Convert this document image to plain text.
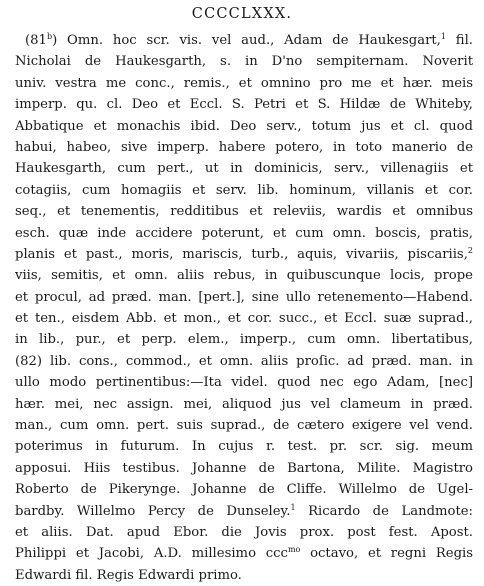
CCCCLXXX.
(81$^b$) Omn. hoc scr. vis. vel aud., Adam de Haukesgart,$^1$ fil.
Nicholai de Haukesgarth, s. in D'no sempiternam. Noverit
univ. vestra me conc., remis., et omnino pro me et hær. meis
imperp. qu. cl. Deo et Eccl. S. Petri et S. Hildæ de Whiteby,
Abbatique et monachis ibid. Deo serv., totum jus et cl. quod
habui, habeo, sive imperp. habere potero, in toto manerio de
Haukesgarth, cum pert., ut in dominicis, serv., villenagiis et
cotagiis, cum homagiis et serv. lib. hominum, villanis et cor.
seq., et tenementis, redditibus et releviis, wardis et omnibus
esch. quæ inde accidere poterunt, et cum omn. boscis, pratis,
planis et past., moris, mariscis, turb., aquis, vivariis, piscariis,$^2$
viis, semitis, et omn. aliis rebus, in quibuscunque locis, prope
et procul, ad præd. man. [pert.], sine ullo retenemento—Habend.
et ten., eisdem Abb. et mon., et cor. succ., et Eccl. suæ suprad.,
in lib., pur., et perp. elem., imperp., cum omn. libertatibus,
(82) lib. cons., commod., et omn. aliis proſic. ad præd. man. in
ullo modo pertinentibus:—Ita videl. quod nec ego Adam, [nec]
hær. mei, nec assign. mei, aliquod jus vel clameum in præd.
man., cum omn. pert. suis suprad., de cætero exigere vel vend.
poterimus in futurum. In cujus r. test. pr. scr. sig. meum
apposui. Hiis testibus. Johanne de Bartona, Milite. Magistro
Roberto de Pikerynge. Johanne de Cliffe. Willelmo de Ugel-
bardby. Willelmo Percy de Dunseley.$^1$ Ricardo de Landmote:
et aliis. Dat. apud Ebor. die Jovis prox. post fest. Apost.
Philippi et Jacobi, A.D. millesimo ccc$^{mo}$ octavo, et regni Regis
Edwardi fil. Regis Edwardi primo.
